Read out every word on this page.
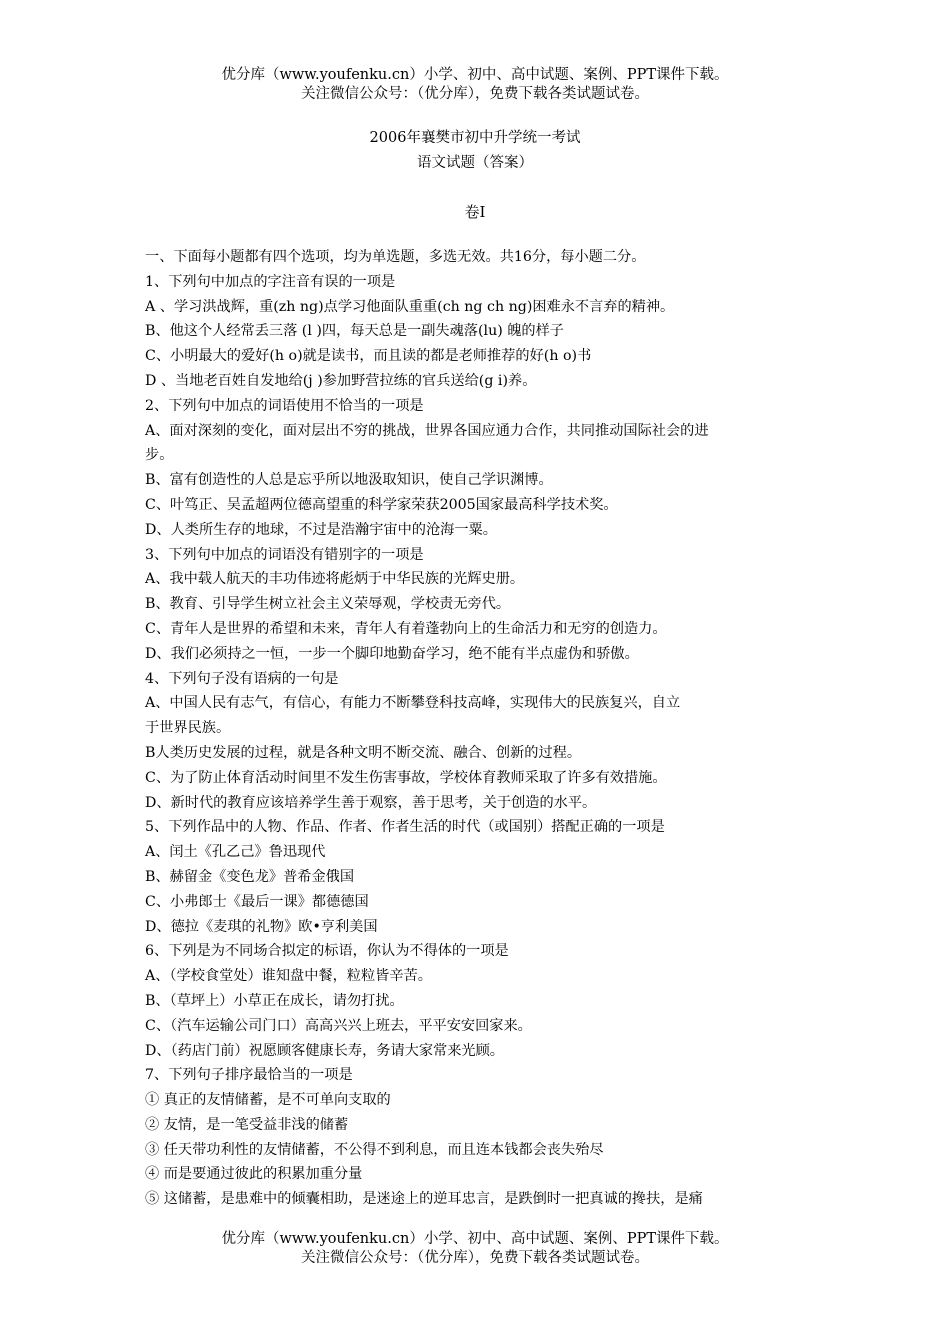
优分库（www.youfenku.cn）小学、初中、高中试题、案例、PPT课件下载。
关注微信公众号：（优分库），免费下载各类试题试卷。
2006年襄樊市初中升学统一考试
语文试题（答案）
卷Ⅰ

一、下面每小题都有四个选项，均为单选题，多选无效。共16分，每小题二分。

1、下列句中加点的字注音有误的一项是

A 、学习洪战辉，重(zh ng)点学习他面队重重(ch ng ch ng)困难永不言弃的精神。

B、他这个人经常丢三落 (l )四，每天总是一副失魂落(lu) 魄的样子

C、小明最大的爱好(h o)就是读书，而且读的都是老师推荐的好(h o)书

D 、当地老百姓自发地给(j )参加野营拉练的官兵送给(g i)养。

2、下列句中加点的词语使用不恰当的一项是

A、面对深刻的变化，面对层出不穷的挑战，世界各国应通力合作，共同推动国际社会的进

步。

B、富有创造性的人总是忘乎所以地汲取知识，使自己学识渊博。

C、叶笃正、吴孟超两位德高望重的科学家荣获2005国家最高科学技术奖。

D、人类所生存的地球，不过是浩瀚宇宙中的沧海一粟。

3、下列句中加点的词语没有错别字的一项是

A、我中载人航天的丰功伟迹将彪炳于中华民族的光辉史册。

B、教育、引导学生树立社会主义荣辱观，学校责无旁代。

C、青年人是世界的希望和未来，青年人有着蓬勃向上的生命活力和无穷的创造力。

D、我们必须持之一恒，一步一个脚印地勤奋学习，绝不能有半点虚伪和骄傲。

4、下列句子没有语病的一句是

A、中国人民有志气，有信心，有能力不断攀登科技高峰，实现伟大的民族复兴，自立

于世界民族。

B人类历史发展的过程，就是各种文明不断交流、融合、创新的过程。

C、为了防止体育活动时间里不发生伤害事故，学校体育教师采取了许多有效措施。

D、新时代的教育应该培养学生善于观察，善于思考，关于创造的水平。

5、下列作品中的人物、作品、作者、作者生活的时代（或国别）搭配正确的一项是

A、闰土《孔乙己》鲁迅现代

B、赫留金《变色龙》普希金俄国

C、小弗郎士《最后一课》都德德国

D、德拉《麦琪的礼物》欧•亨利美国

6、下列是为不同场合拟定的标语，你认为不得体的一项是

A、（学校食堂处）谁知盘中餐，粒粒皆辛苦。

B、（草坪上）小草正在成长，请勿打扰。

C、（汽车运输公司门口）高高兴兴上班去，平平安安回家来。

D、（药店门前）祝愿顾客健康长寿，务请大家常来光顾。

7、下列句子排序最恰当的一项是

① 真正的友情储蓄，是不可单向支取的

② 友情，是一笔受益非浅的储蓄

③ 任天带功利性的友情储蓄，不公得不到利息，而且连本钱都会丧失殆尽

④ 而是要通过彼此的积累加重分量

⑤ 这储蓄，是患难中的倾囊相助，是迷途上的逆耳忠言，是跌倒时一把真诚的搀扶，是痛

优分库（www.youfenku.cn）小学、初中、高中试题、案例、PPT课件下载。
关注微信公众号：（优分库），免费下载各类试题试卷。
